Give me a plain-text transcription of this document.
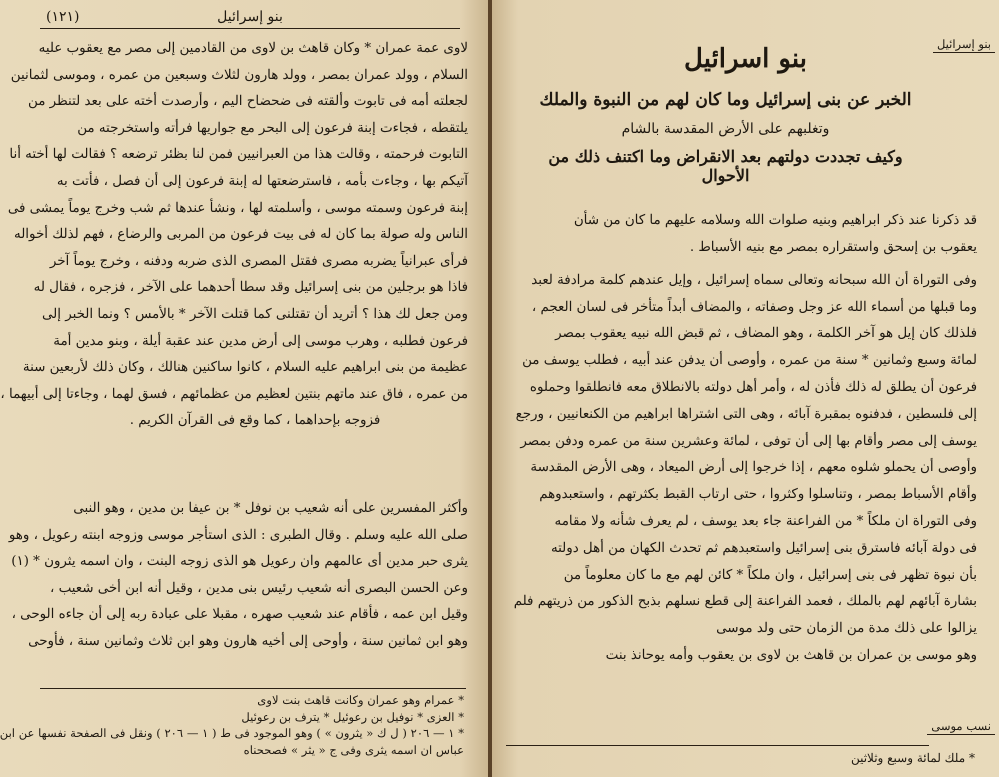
بنو إسرائيل
(١٢١)

لاوى عمة عمران * وكان قاهث بن لاوى من القادمين إلى مصر مع يعقوب عليه

السلام ، وولد عمران بمصر ، وولد هارون لثلاث وسبعين من عمره ، وموسى لثمانين

لجعلته أمه فى تابوت وألقته فى ضحضاح اليم ، وأرصدت أخته على بعد لتنظر من

يلتقطه ، فجاءت إبنة فرعون إلى البحر مع جواريها فرأته واستخرجته من

التابوت فرحمته ، وقالت هذا من العبرانيين فمن لنا بظئر ترضعه ؟ فقالت لها أخته أنا

آتيكم بها ، وجاءت بأمه ، فاسترضعتها له إبنة فرعون إلى أن فصل ، فأتت به

إبنة فرعون وسمته موسى ، وأسلمته لها ، ونشأ عندها ثم شب وخرج يوماً يمشى فى

الناس وله صولة بما كان له فى بيت فرعون من المربى والرضاع ، فهم لذلك أخواله

فرأى عبرانياً يضربه مصرى فقتل المصرى الذى ضربه ودفنه ، وخرج يوماً آخر

فاذا هو برجلين من بنى إسرائيل وقد سطا أحدهما على الآخر ، فزجره ، فقال له

ومن جعل لك هذا ؟ أتريد أن تقتلنى كما قتلت الآخر * بالأمس ؟ ونما الخبر إلى

فرعون فطلبه ، وهرب موسى إلى أرض مدين عند عقبة أيلة ، وبنو مدين أمة

عظيمة من بنى ابراهيم عليه السلام ، كانوا ساكنين هنالك ، وكان ذلك لأربعين سنة

من عمره ، فاق عند ماتهم بنتين لعظيم من عظمائهم ، فسق لهما ، وجاءتا إلى أبيهما ،

فزوجه بإحداهما ، كما وقع فى القرآن الكريم .

وأكثر المفسرين على أنه شعيب بن نوفل * بن عيفا بن مدين ، وهو النبى

صلى الله عليه وسلم . وقال الطبرى : الذى استأجر موسى وزوجه ابنته رعويل ، وهو

يثرى حبر مدين أى عالمهم وان رعويل هو الذى زوجه البنت ، وان اسمه يثرون * (١)

وعن الحسن البصرى أنه شعيب رئيس بنى مدين ، وقيل أنه ابن أخى شعيب ،

وقيل ابن عمه ، فأقام عند شعيب صهره ، مقبلا على عبادة ربه إلى أن جاءه الوحى ،

وهو ابن ثمانين سنة ، وأوحى إلى أخيه هارون وهو ابن ثلاث وثمانين سنة ، فأوحى

* عمرام وهو عمران وكانت قاهث بنت لاوى

* العزى * نوفيل بن رعوئيل * يترف بن رعوئيل

* ١ — ٢٠٦ ( ل ك « يثرون » ) وهو الموجود فى ط ( ١ — ٢٠٦ ) ونقل فى الصفحة نفسها عن ابن

عباس ان اسمه يثرى وفى ج « يثر » فصححناه

بنو إسرائيل
بنو اسرائيل
الخبر عن بنى إسرائيل وما كان لهم من النبوة والملك
وتغلبهم على الأرض المقدسة بالشام
وكيف تجددت دولتهم بعد الانقراض وما اكتنف ذلك من الأحوال

قد ذكرنا عند ذكر ابراهيم وبنيه صلوات الله وسلامه عليهم ما كان من شأن

يعقوب بن إسحق واستقراره بمصر مع بنيه الأسباط .

وفى التوراة أن الله سبحانه وتعالى سماه إسرائيل ، وإيل عندهم كلمة مرادفة لعبد

وما قبلها من أسماء الله عز وجل وصفاته ، والمضاف أبداً متأخر فى لسان العجم ،

فلذلك كان إيل هو آخر الكلمة ، وهو المضاف ، ثم قبض الله نبيه يعقوب بمصر

لمائة وسبع وثمانين * سنة من عمره ، وأوصى أن يدفن عند أبيه ، فطلب يوسف من

فرعون أن يطلق له ذلك فأذن له ، وأمر أهل دولته بالانطلاق معه فانطلقوا وحملوه

إلى فلسطين ، فدفنوه بمقبرة آبائه ، وهى التى اشتراها ابراهيم من الكنعانيين ، ورجع

يوسف إلى مصر وأقام بها إلى أن توفى ، لمائة وعشرين سنة من عمره ودفن بمصر

وأوصى أن يحملو شلوه معهم ، إذا خرجوا إلى أرض الميعاد ، وهى الأرض المقدسة

وأقام الأسباط بمصر ، وتناسلوا وكثروا ، حتى ارتاب القبط بكثرتهم ، واستعبدوهم

وفى التوراة ان ملكاً * من الفراعنة جاء بعد يوسف ، لم يعرف شأنه ولا مقامه

فى دولة آبائه فاسترق بنى إسرائيل واستعبدهم ثم تحدث الكهان من أهل دولته

بأن نبوة تظهر فى بنى إسرائيل ، وان ملكاً * كائن لهم مع ما كان معلوماً من

بشارة آبائهم لهم بالملك ، فعمد الفراعنة إلى قطع نسلهم بذبح الذكور من ذريتهم فلم

يزالوا على ذلك مدة من الزمان حتى ولد موسى

وهو موسى بن عمران بن قاهث بن لاوى بن يعقوب وأمه يوحانذ بنت

نسب موسى
* ملك لمائة وسبع وثلاثين
